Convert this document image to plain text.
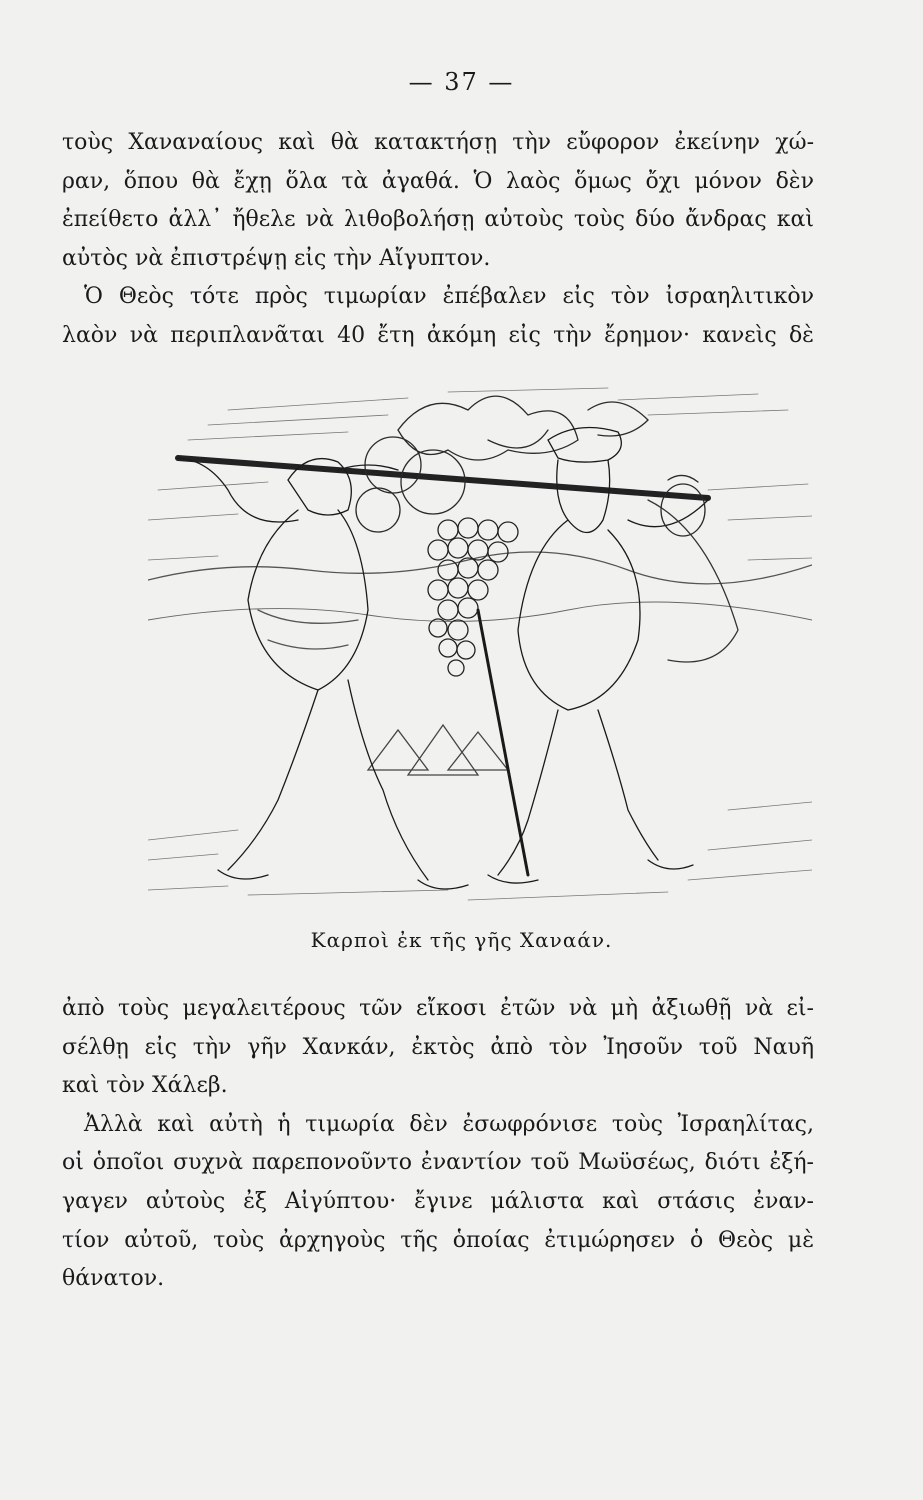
— 37 —
τοὺς Χαναναίους καὶ θὰ κατακτήσῃ τὴν εὔφορον ἐκείνην χώ-
ραν, ὅπου θὰ ἔχῃ ὅλα τὰ ἀγαθά. Ὁ λαὸς ὅμως ὄχι μόνον δὲν
ἐπείθετο ἀλλ᾽ ἤθελε νὰ λιθοβολήσῃ αὐτοὺς τοὺς δύο ἄνδρας καὶ
αὐτὸς νὰ ἐπιστρέψῃ εἰς τὴν Αἴγυπτον.
Ὁ Θεὸς τότε πρὸς τιμωρίαν ἐπέβαλεν εἰς τὸν ἰσραηλιτικὸν
λαὸν νὰ περιπλανᾶται 40 ἔτη ἀκόμη εἰς τὴν ἔρημον· κανεὶς δὲ
Καρποὶ ἐκ τῆς γῆς Χαναάν.
ἀπὸ τοὺς μεγαλειτέρους τῶν εἴκοσι ἐτῶν νὰ μὴ ἀξιωθῇ νὰ εἰ-
σέλθῃ εἰς τὴν γῆν Χανκάν, ἐκτὸς ἀπὸ τὸν Ἰησοῦν τοῦ Ναυῆ
καὶ τὸν Χάλεβ.
Ἀλλὰ καὶ αὐτὴ ἡ τιμωρία δὲν ἐσωφρόνισε τοὺς Ἰσραηλίτας,
οἱ ὁποῖοι συχνὰ παρεπονοῦντο ἐναντίον τοῦ Μωϋσέως, διότι ἐξή-
γαγεν αὐτοὺς ἐξ Αἰγύπτου· ἔγινε μάλιστα καὶ στάσις ἐναν-
τίον αὐτοῦ, τοὺς ἀρχηγοὺς τῆς ὁποίας ἐτιμώρησεν ὁ Θεὸς μὲ
θάνατον.
